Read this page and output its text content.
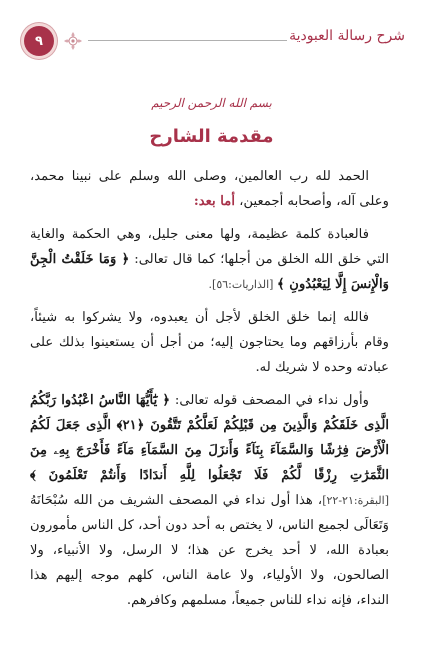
٩	شرح رسالة العبودية
بسم الله الرحمن الرحيم
مقدمة الشارح

الحمد لله رب العالمين، وصلى الله وسلم على نبينا محمد، وعلى آله، وأصحابه أجمعين، أما بعد:

فالعبادة كلمة عظيمة، ولها معنى جليل، وهي الحكمة والغاية التي خلق الله الخلق من أجلها؛ كما قال تعالى: ﴿ وَمَا خَلَقْتُ الْجِنَّ وَالْإِنسَ إِلَّا لِيَعْبُدُونِ ﴾ [الذاريات:٥٦].

فالله إنما خلق الخلق لأجل أن يعبدوه، ولا يشركوا به شيئاً، وقام بأرزاقهم وما يحتاجون إليه؛ من أجل أن يستعينوا بذلك على عبادته وحده لا شريك له.

وأول نداء في المصحف قوله تعالى: ﴿ يَٰٓأَيُّهَا النَّاسُ اعْبُدُوا رَبَّكُمُ الَّذِى خَلَقَكُمْ وَالَّذِينَ مِن قَبْلِكُمْ لَعَلَّكُمْ تَتَّقُونَ ﴿٢١﴾ الَّذِى جَعَلَ لَكُمُ الْأَرْضَ فِرَٰشًا وَالسَّمَآءَ بِنَآءً وَأَنزَلَ مِنَ السَّمَآءِ مَآءً فَأَخْرَجَ بِهِۦ مِنَ الثَّمَرَٰتِ رِزْقًا لَّكُمْ فَلَا تَجْعَلُوا لِلَّهِ أَندَادًا وَأَنتُمْ تَعْلَمُونَ ﴾ [البقرة:٢١-٢٢]، هذا أول نداء في المصحف الشريف من الله سُبْحَانَهُ وَتَعَالَى لجميع الناس، لا يختص به أحد دون أحد، كل الناس مأمورون بعبادة الله، لا أحد يخرج عن هذا؛ لا الرسل، ولا الأنبياء، ولا الصالحون، ولا الأولياء، ولا عامة الناس، كلهم موجه إليهم هذا النداء، فإنه نداء للناس جميعاً، مسلمهم وكافرهم.
